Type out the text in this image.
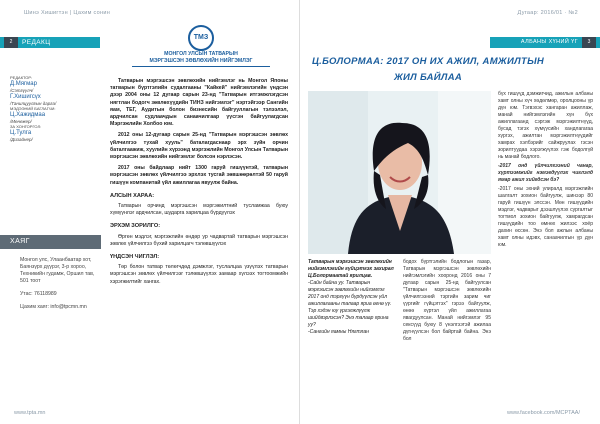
Шинэ Хишигтэн | Цахим сонин
2	РЕДАКЦ
ТМЗ
МОНГОЛ УЛСЫН ТАТВАРЫН
МЭРГЭШСЭН ЗӨВЛӨХИЙН НИЙГЭМЛЭГ
РЕДАКТОР:
Д.Мягмар
/Сэтгүүлч/
Г.Хишигсүх
/Танилцуулгын дарга/
МЭДЭЭНИЙ БАГЛАГЧИ:
Ц.Хажидмаа
/Менежер/
ЗА ХОНГОРГОЛ:
Ц.Тулга
/Дизайнер/
ХАЯГ
Монгол улс, Улаанбаатар хот, Баянзүрх дүүрэг, 3-р хороо, Техникийн гудамж, Оршил тав, 501 тоот
Утас: 76118989
Цахим хаяг: info@tpcmn.mn

Татварын мэргэшсэн зөвлөхийн нийгэмлэг нь Монгол Японы татварын бүртгэлийн судалгааны "Кайкей" нийгэмлэгийн үндсэн дээр 2004 оны 12 дугаар сарын 23-нд "Татварын итгэмжлэгдсэн нягтлан бодогч зөвлөхүүдийн ТИНЗ нийгэмлэг" нэртэйгээр Сангийн яам, ТЕГ, Аудитын болон бизнесийн байгууллагын тэлээлэл, ардчилсан судлаачдын санаачилгаар үүсгэн байгуулагдсан Мэргэжлийн Холбоо юм.

2012 оны 12-дугаар сарын 25-нд "Татварын мэргэшсэн зөвлөх үйлчилгээ тухай хууль" баталагдаснаар эрх зүйн орчин баталгаажиж, хуулийн хүрээнд мэргэжлийн Монгол Улсын Татварын мэргэшсэн зөвлөхийн нийгэмлэг болсон нэрлэсэн.

2017 оны байдлаар нийт 1300 гаруй гишүүнтэй, татварын мэргэшсэн зөвлөх үйлчилгээ эрхлэх тусгай зөвшөөрөлтэй 50 гаруй гишүүн компанитай үйл ажиллагаа явуулж байна.

АЛСЫН ХАРАА:

Татварын орчинд мэргэшсэн мэргэжилтний тусламжаа буюу хүмүүнлэг ардчилсан, шударга харилцаа бүрдүүлэх

ЭРХЭМ ЗОРИЛГО:

Өргөн мэдлэг, мэргэжлийн өндөр ур чадвартай татварын мэргэшсэн зөвлөх үйлчилгээ бүхий харилцагч тэлөвшүүлэх

ҮНДСЭН ЧИГЛЭЛ:

Төр болон татвар төлөгчдөд дэмжлэг, туслалцаа үзүүлэх татварын мэргэшсэн зөвлөх үйлчилгээг тэлөвшүүлэх замаар хүлээх тогтоомжийн хэрэгжилтийг хангах.

www.tpta.mn
Дугаар: 2016/01 · №2
АЛБАНЫ ХҮНИЙ ҮГ	3
Ц.БОЛОРМАА: 2017 ОН ИХ АЖИЛ, АМЖИЛТЫН
ЖИЛ БАЙЛАА
Татварын мэргэшсэн зөвлөхийн нийгэмлэгийн гүйцэтгэх захирал Ц.Болормаатай ярилцав.
-Сайн байна уу. Татварын мэргэшсэн зөвлөхийн нийгэмлэг 2017 онд тэргүүн бүрдүүлсэн үйл ажиллагааны талаар яриа өгнө үү. Тэр хэдэн юу үргэлжлүүлж шийдвэрлэсэн? Энэ талаар ярина уу?
-Сангийн яамны Нягтлан

бодох бүртгэлийн бодлогын газар, Татварын мэргэшсэн зөвлөхийн нийгэмлэгийн хооронд 2016 оны 7 дугаар сарын 25-нд байгуулсан "Татварын мэргэшсэн зөвлөхийн үйлчилгээний тэргийн зарим чиг үүргийг гүйцэтгэх" гэрээ байгуулж, өнөө хүртэл үйл ажиллагаа явагдуулсан. Манай нийгэмлэг 95 сексүүд буюу 8 үнэлгээтэй ажилаа дүгнүүлсэн бол байртай байна. Энэ бол

бүх гишүүд дэмжигчид, ажилын албаны хамт олны хүч хөдөлмөр, оролцооны үр дүн юм. Тэгвэхэс хангаран ажиллаж, манай нийгэмлэгийн хүн бүх ажиллагаанд сэргэж мэргэжилтнүүд, бусад тэгэх хүмүүсийн хандлагагаа хүргэх, ажилтан мэргэжилтнүүдийг хамрах хэлбэрийг сайжруулах гэсэн зорилтуудаа хэрэгжүүлэх гэж бодолгүй нь манай бодлого.

-2017 онд үйлчилгээний чанар, хүртээмжийг нэмэгдүүлэх чиглэлд ямар ажил хийгдсэн бэ?

-2017 оны эхний улиралд мэргэжлийн шалгалт зохион байгуулж, шинээр 80 гаруй гишүүн элссэн. Мөн гишүүдийн мэдлэг, чадварыг дээшлүүлэх сургалтыг тогтмол зохион байгуулж, хамрагдсан гишүүдийн тоо өмнөх жилээс хоёр дахин өссөн. Энэ бол ажлын албаны хамт олны идэвх, санаачилгын үр дүн юм.

www.facebook.com/MCPTAA/
